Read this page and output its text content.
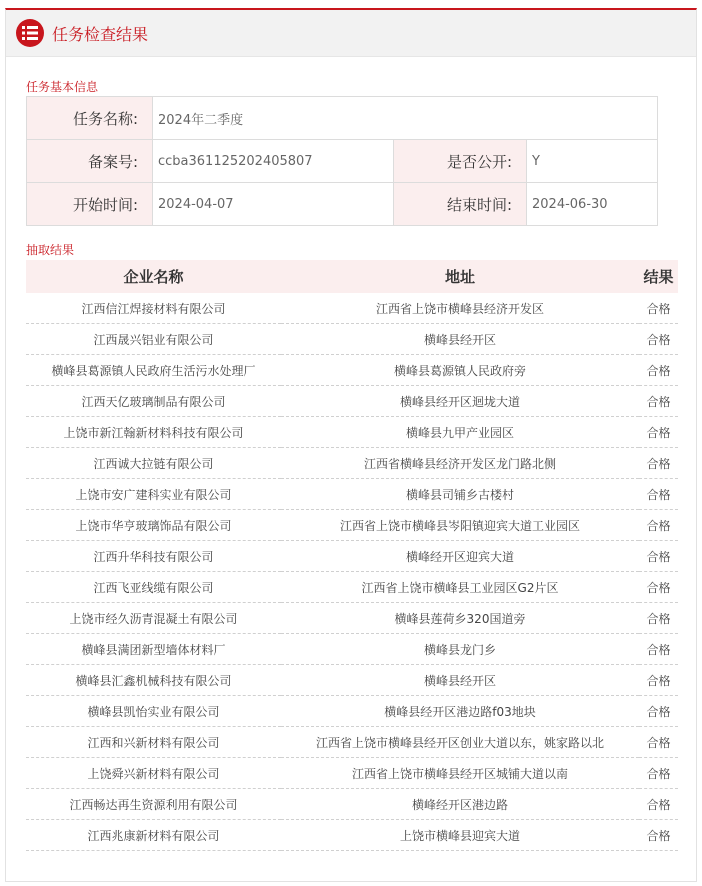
任务检查结果
任务基本信息
任务名称:	2024年二季度		
备案号:	ccba361125202405807	是否公开:	Y
开始时间:	2024-04-07	结束时间:	2024-06-30
抽取结果
企业名称	地址	结果
江西信江焊接材料有限公司	江西省上饶市横峰县经济开发区	合格
江西晟兴铝业有限公司	横峰县经开区	合格
横峰县葛源镇人民政府生活污水处理厂	横峰县葛源镇人民政府旁	合格
江西天亿玻璃制品有限公司	横峰县经开区迴垅大道	合格
上饶市新江翰新材料科技有限公司	横峰县九甲产业园区	合格
江西诚大拉链有限公司	江西省横峰县经济开发区龙门路北侧	合格
上饶市安广建科实业有限公司	横峰县司铺乡古楼村	合格
上饶市华亨玻璃饰品有限公司	江西省上饶市横峰县岑阳镇迎宾大道工业园区	合格
江西升华科技有限公司	横峰经开区迎宾大道	合格
江西飞亚线缆有限公司	江西省上饶市横峰县工业园区G2片区	合格
上饶市经久沥青混凝土有限公司	横峰县莲荷乡320国道旁	合格
横峰县满团新型墙体材料厂	横峰县龙门乡	合格
横峰县汇鑫机械科技有限公司	横峰县经开区	合格
横峰县凯怡实业有限公司	横峰县经开区港边路f03地块	合格
江西和兴新材料有限公司	江西省上饶市横峰县经开区创业大道以东，姚家路以北	合格
上饶舜兴新材料有限公司	江西省上饶市横峰县经开区城铺大道以南	合格
江西畅达再生资源利用有限公司	横峰经开区港边路	合格
江西兆康新材料有限公司	上饶市横峰县迎宾大道	合格
